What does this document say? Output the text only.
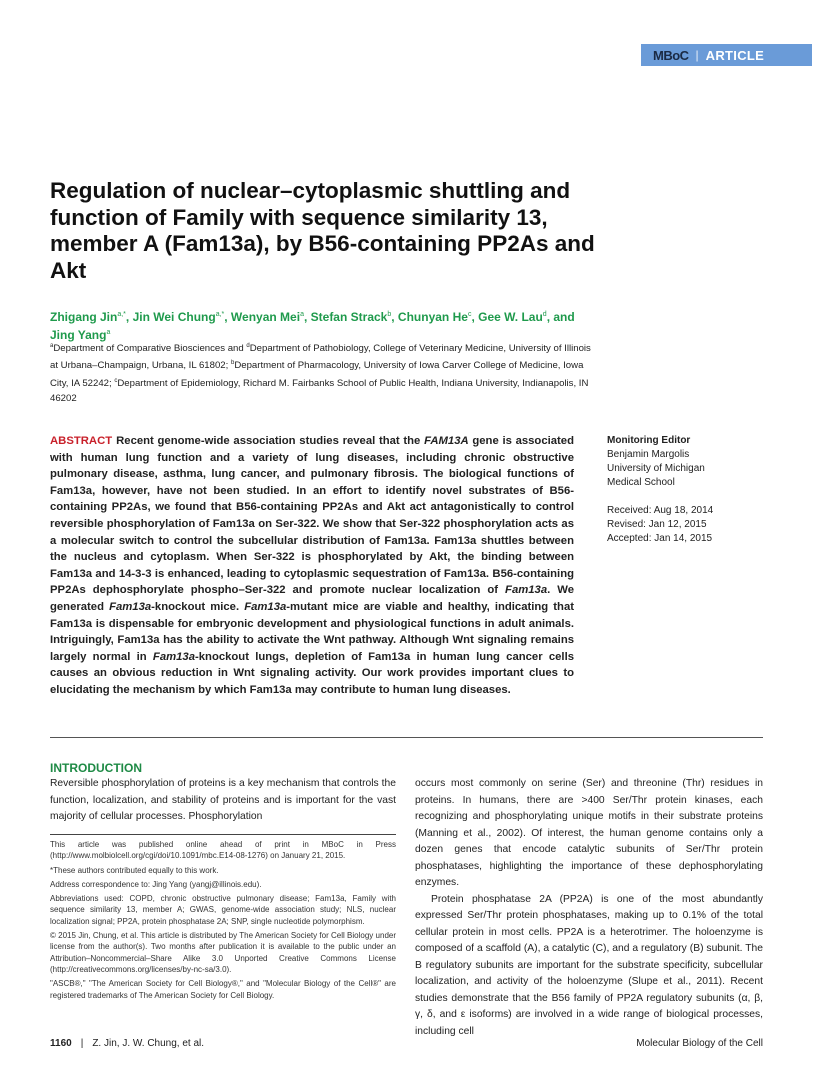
MBoC | ARTICLE
Regulation of nuclear–cytoplasmic shuttling and function of Family with sequence similarity 13, member A (Fam13a), by B56-containing PP2As and Akt

Zhigang Jin$^{a,*}$, Jin Wei Chung$^{a,*}$, Wenyan Mei$^a$, Stefan Strack$^b$, Chunyan He$^c$, Gee W. Lau$^d$, and Jing Yang$^a$

$^a$Department of Comparative Biosciences and $^d$Department of Pathobiology, College of Veterinary Medicine, University of Illinois at Urbana–Champaign, Urbana, IL 61802; $^b$Department of Pharmacology, University of Iowa Carver College of Medicine, Iowa City, IA 52242; $^c$Department of Epidemiology, Richard M. Fairbanks School of Public Health, Indiana University, Indianapolis, IN 46202

ABSTRACT Recent genome-wide association studies reveal that the FAM13A gene is associated with human lung function and a variety of lung diseases, including chronic obstructive pulmonary disease, asthma, lung cancer, and pulmonary fibrosis. The biological functions of Fam13a, however, have not been studied. In an effort to identify novel substrates of B56-containing PP2As, we found that B56-containing PP2As and Akt act antagonistically to control reversible phosphorylation of Fam13a on Ser-322. We show that Ser-322 phosphorylation acts as a molecular switch to control the subcellular distribution of Fam13a. Fam13a shuttles between the nucleus and cytoplasm. When Ser-322 is phosphorylated by Akt, the binding between Fam13a and 14-3-3 is enhanced, leading to cytoplasmic sequestration of Fam13a. B56-containing PP2As dephosphorylate phospho–Ser-322 and promote nuclear localization of Fam13a. We generated Fam13a-knockout mice. Fam13a-mutant mice are viable and healthy, indicating that Fam13a is dispensable for embryonic development and physiological functions in adult animals. Intriguingly, Fam13a has the ability to activate the Wnt pathway. Although Wnt signaling remains largely normal in Fam13a-knockout lungs, depletion of Fam13a in human lung cancer cells causes an obvious reduction in Wnt signaling activity. Our work provides important clues to elucidating the mechanism by which Fam13a may contribute to human lung diseases.

Monitoring Editor
Benjamin Margolis
University of Michigan
Medical School
Received: Aug 18, 2014
Revised: Jan 12, 2015
Accepted: Jan 14, 2015
INTRODUCTION

Reversible phosphorylation of proteins is a key mechanism that controls the function, localization, and stability of proteins and is important for the vast majority of cellular processes. Phosphorylation

This article was published online ahead of print in MBoC in Press (http://www.molbiolcell.org/cgi/doi/10.1091/mbc.E14-08-1276) on January 21, 2015.

*These authors contributed equally to this work.

Address correspondence to: Jing Yang (yangj@illinois.edu).

Abbreviations used: COPD, chronic obstructive pulmonary disease; Fam13a, Family with sequence similarity 13, member A; GWAS, genome-wide association study; NLS, nuclear localization signal; PP2A, protein phosphatase 2A; SNP, single nucleotide polymorphism.

© 2015 Jin, Chung, et al. This article is distributed by The American Society for Cell Biology under license from the author(s). Two months after publication it is available to the public under an Attribution–Noncommercial–Share Alike 3.0 Unported Creative Commons License (http://creativecommons.org/licenses/by-nc-sa/3.0).

"ASCB®," "The American Society for Cell Biology®," and "Molecular Biology of the Cell®" are registered trademarks of The American Society for Cell Biology.

occurs most commonly on serine (Ser) and threonine (Thr) residues in proteins. In humans, there are >400 Ser/Thr protein kinases, each recognizing and phosphorylating unique motifs in their substrate proteins (Manning et al., 2002). Of interest, the human genome contains only a dozen genes that encode catalytic subunits of Ser/Thr protein phosphatases, highlighting the importance of these dephosphorylating enzymes.

Protein phosphatase 2A (PP2A) is one of the most abundantly expressed Ser/Thr protein phosphatases, making up to 0.1% of the total cellular protein in most cells. PP2A is a heterotrimer. The holoenzyme is composed of a scaffold (A), a catalytic (C), and a regulatory (B) subunit. The B regulatory subunits are important for the substrate specificity, subcellular localization, and activity of the holoenzyme (Slupe et al., 2011). Recent studies demonstrate that the B56 family of PP2A regulatory subunits (α, β, γ, δ, and ε isoforms) are involved in a wide range of biological processes, including cell

1160 | Z. Jin, J. W. Chung, et al.	Molecular Biology of the Cell
